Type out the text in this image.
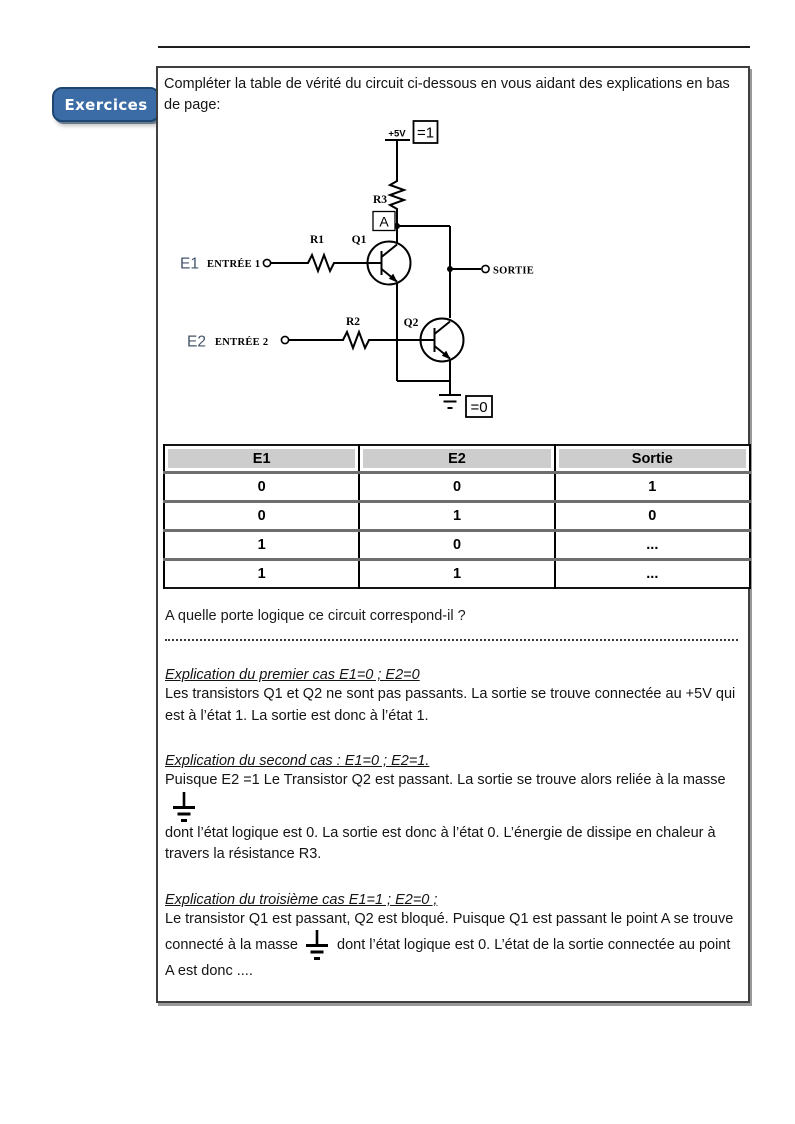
Exercices

Compléter la table de vérité du circuit ci-dessous en vous aidant des explications en bas de page:

=1
A
=0
+5V
R3
R1 Q1
R2	Q2
E1 ENTRÉE 1
E2 ENTRÉE 2
SORTIE
E1	E2	Sortie
0	0	1
0	1	0
1	0	...
1	1	...

A quelle porte logique ce circuit correspond-il ?

Explication du premier cas E1=0 ; E2=0

Les transistors Q1 et Q2 ne sont pas passants. La sortie se trouve connectée au +5V qui est à l’état 1. La sortie est donc à l’état 1.

Explication du second cas : E1=0 ; E2=1.

Puisque E2 =1 Le Transistor Q2 est passant. La sortie se trouve alors reliée à la masse

dont l’état logique est 0. La sortie est donc à l’état 0. L’énergie de dissipe en chaleur à travers la résistance R3.

Explication du troisième cas E1=1 ; E2=0 ;

Le transistor Q1 est passant, Q2 est bloqué. Puisque Q1 est passant le point A se trouve connecté à la masse	dont l’état logique est 0. L’état de la sortie connectée au point A est donc ....
